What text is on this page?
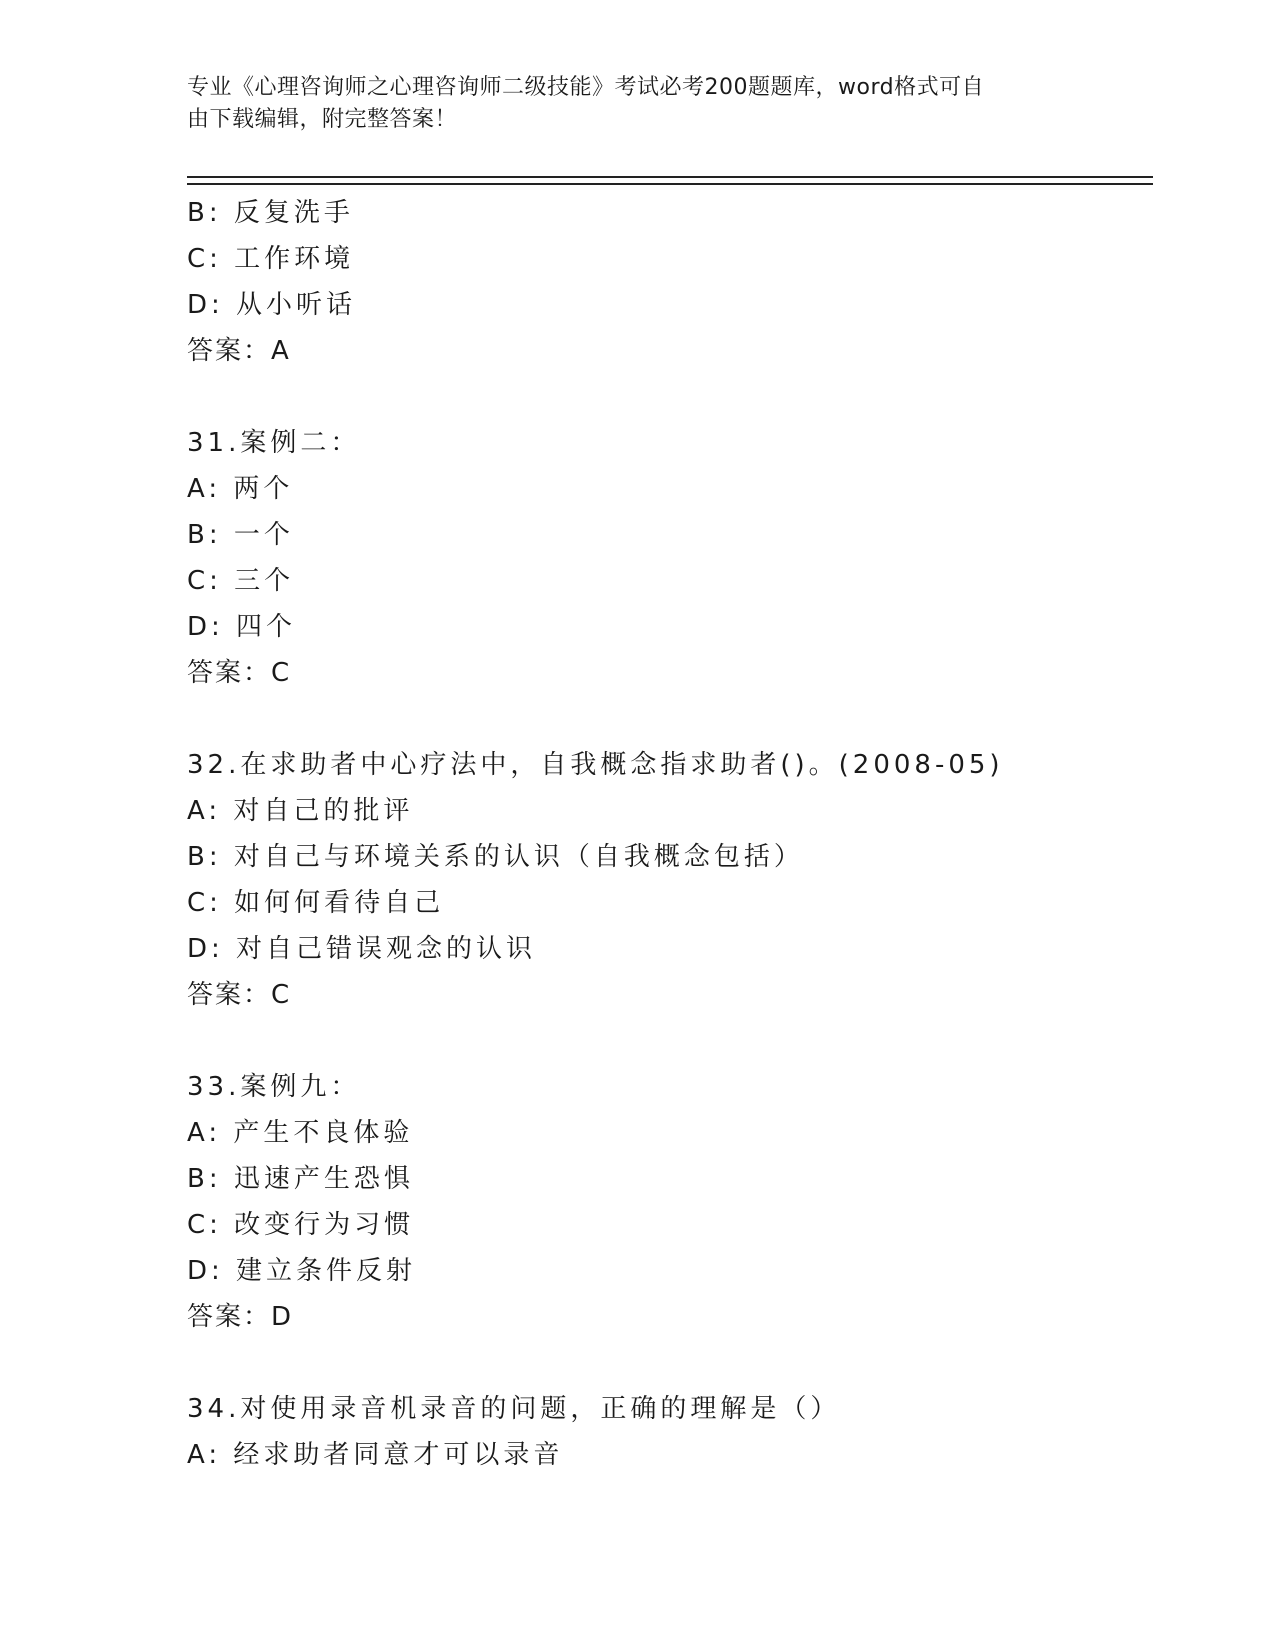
专业《心理咨询师之心理咨询师二级技能》考试必考200题题库，word格式可自
由下载编辑，附完整答案！
B: 反复洗手
C: 工作环境
D: 从小听话
答案：A
31.案例二：
A: 两个
B: 一个
C: 三个
D: 四个
答案：C
32.在求助者中心疗法中，自我概念指求助者()。(2008-05)
A: 对自己的批评
B: 对自己与环境关系的认识（自我概念包括）
C: 如何何看待自己
D: 对自己错误观念的认识
答案：C
33.案例九：
A: 产生不良体验
B: 迅速产生恐惧
C: 改变行为习惯
D: 建立条件反射
答案：D
34.对使用录音机录音的问题，正确的理解是（）
A: 经求助者同意才可以录音
